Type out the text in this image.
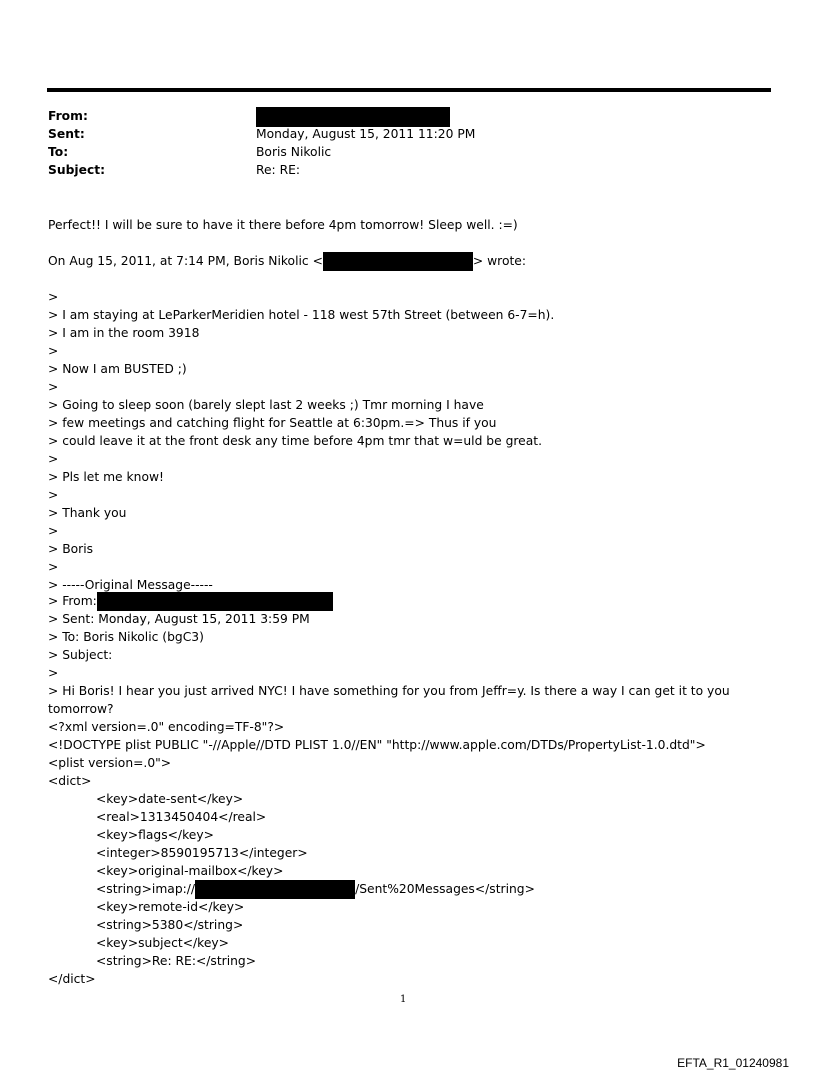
From:
Sent:	Monday, August 15, 2011 11:20 PM
To:	Boris Nikolic
Subject:	Re: RE:
Perfect!! I will be sure to have it there before 4pm tomorrow! Sleep well. :=)
On Aug 15, 2011, at 7:14 PM, Boris Nikolic <	> wrote:
>
> I am staying at LeParkerMeridien hotel - 118 west 57th Street (between 6-7=h).
> I am in the room 3918
>
> Now I am BUSTED ;)
>
> Going to sleep soon (barely slept last 2 weeks ;) Tmr morning I have
> few meetings and catching flight for Seattle at 6:30pm.=> Thus if you
> could leave it at the front desk any time before 4pm tmr that w=uld be great.
>
> Pls let me know!
>
> Thank you
>
> Boris
>
> -----Original Message-----
> From:
> Sent: Monday, August 15, 2011 3:59 PM
> To: Boris Nikolic (bgC3)
> Subject:
>
> Hi Boris! I hear you just arrived NYC! I have something for you from Jeffr=y. Is there a way I can get it to you
tomorrow?
<?xml version=.0" encoding=TF-8"?>
<!DOCTYPE plist PUBLIC "-//Apple//DTD PLIST 1.0//EN" "http://www.apple.com/DTDs/PropertyList-1.0.dtd">
<plist version=.0">
<dict>
<key>date-sent</key>
<real>1313450404</real>
<key>flags</key>
<integer>8590195713</integer>
<key>original-mailbox</key>
<string>imap://	/Sent%20Messages</string>
<key>remote-id</key>
<string>5380</string>
<key>subject</key>
<string>Re: RE:</string>
</dict>
1
EFTA_R1_01240981
